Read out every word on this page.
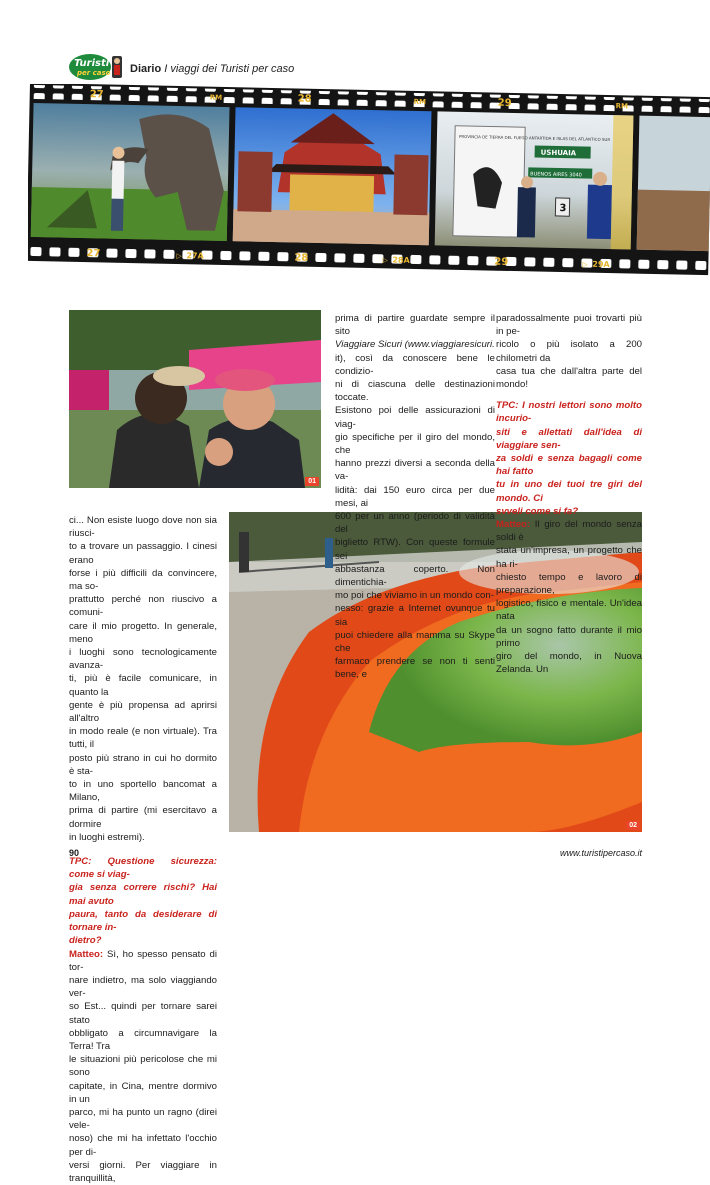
Turisti
per caso Diario I viaggi dei Turisti per caso
PROVINCIA DE TIERRA DEL FUEGO ANTARTIDA E ISLAS DEL ATLANTICO SUR
USHUAIA
BUENOS AIRES 3040
3
27	28	29
RM
RM
RM
27	28	29
▷ 27A	▷ 28A	▷ 29A
01
02

prima di partire guardate sempre il sito

Viaggiare Sicuri (www.viaggiaresicuri.

it), così da conoscere bene le condizio-

ni di ciascuna delle destinazioni toccate.

Esistono poi delle assicurazioni di viag-

gio specifiche per il giro del mondo, che

hanno prezzi diversi a seconda della va-

lidità: dai 150 euro circa per due mesi, ai

600 per un anno (periodo di validità del

biglietto RTW). Con queste formule sei

abbastanza coperto. Non dimentichia-

mo poi che viviamo in un mondo con-

nesso: grazie a Internet ovunque tu sia

puoi chiedere alla mamma su Skype che

farmaco prendere se non ti senti bene, e

paradossalmente puoi trovarti più in pe-

ricolo o più isolato a 200 chilometri da

casa tua che dall'altra parte del mondo!

TPC: I nostri lettori sono molto incurio-

siti e allettati dall'idea di viaggiare sen-

za soldi e senza bagagli come hai fatto

tu in uno dei tuoi tre giri del mondo. Ci

svveli come si fa?

Matteo: Il giro del mondo senza soldi è

stata un'impresa, un progetto che ha ri-

chiesto tempo e lavoro di preparazione,

logistico, fisico e mentale. Un'idea nata

da un sogno fatto durante il mio primo

giro del mondo, in Nuova Zelanda. Un

ci... Non esiste luogo dove non sia riusci-

to a trovare un passaggio. I cinesi erano

forse i più difficili da convincere, ma so-

prattutto perché non riuscivo a comuni-

care il mio progetto. In generale, meno

i luoghi sono tecnologicamente avanza-

ti, più è facile comunicare, in quanto la

gente è più propensa ad aprirsi all'altro

in modo reale (e non virtuale). Tra tutti, il

posto più strano in cui ho dormito è sta-

to in uno sportello bancomat a Milano,

prima di partire (mi esercitavo a dormire

in luoghi estremi).

TPC: Questione sicurezza: come si viag-

gia senza correre rischi? Hai mai avuto

paura, tanto da desiderare di tornare in-

dietro?

Matteo: Sì, ho spesso pensato di tor-

nare indietro, ma solo viaggiando ver-

so Est... quindi per tornare sarei stato

obbligato a circumnavigare la Terra! Tra

le situazioni più pericolose che mi sono

capitate, in Cina, mentre dormivo in un

parco, mi ha punto un ragno (direi vele-

noso) che mi ha infettato l'occhio per di-

versi giorni. Per viaggiare in tranquillità,

90	www.turistipercaso.it
